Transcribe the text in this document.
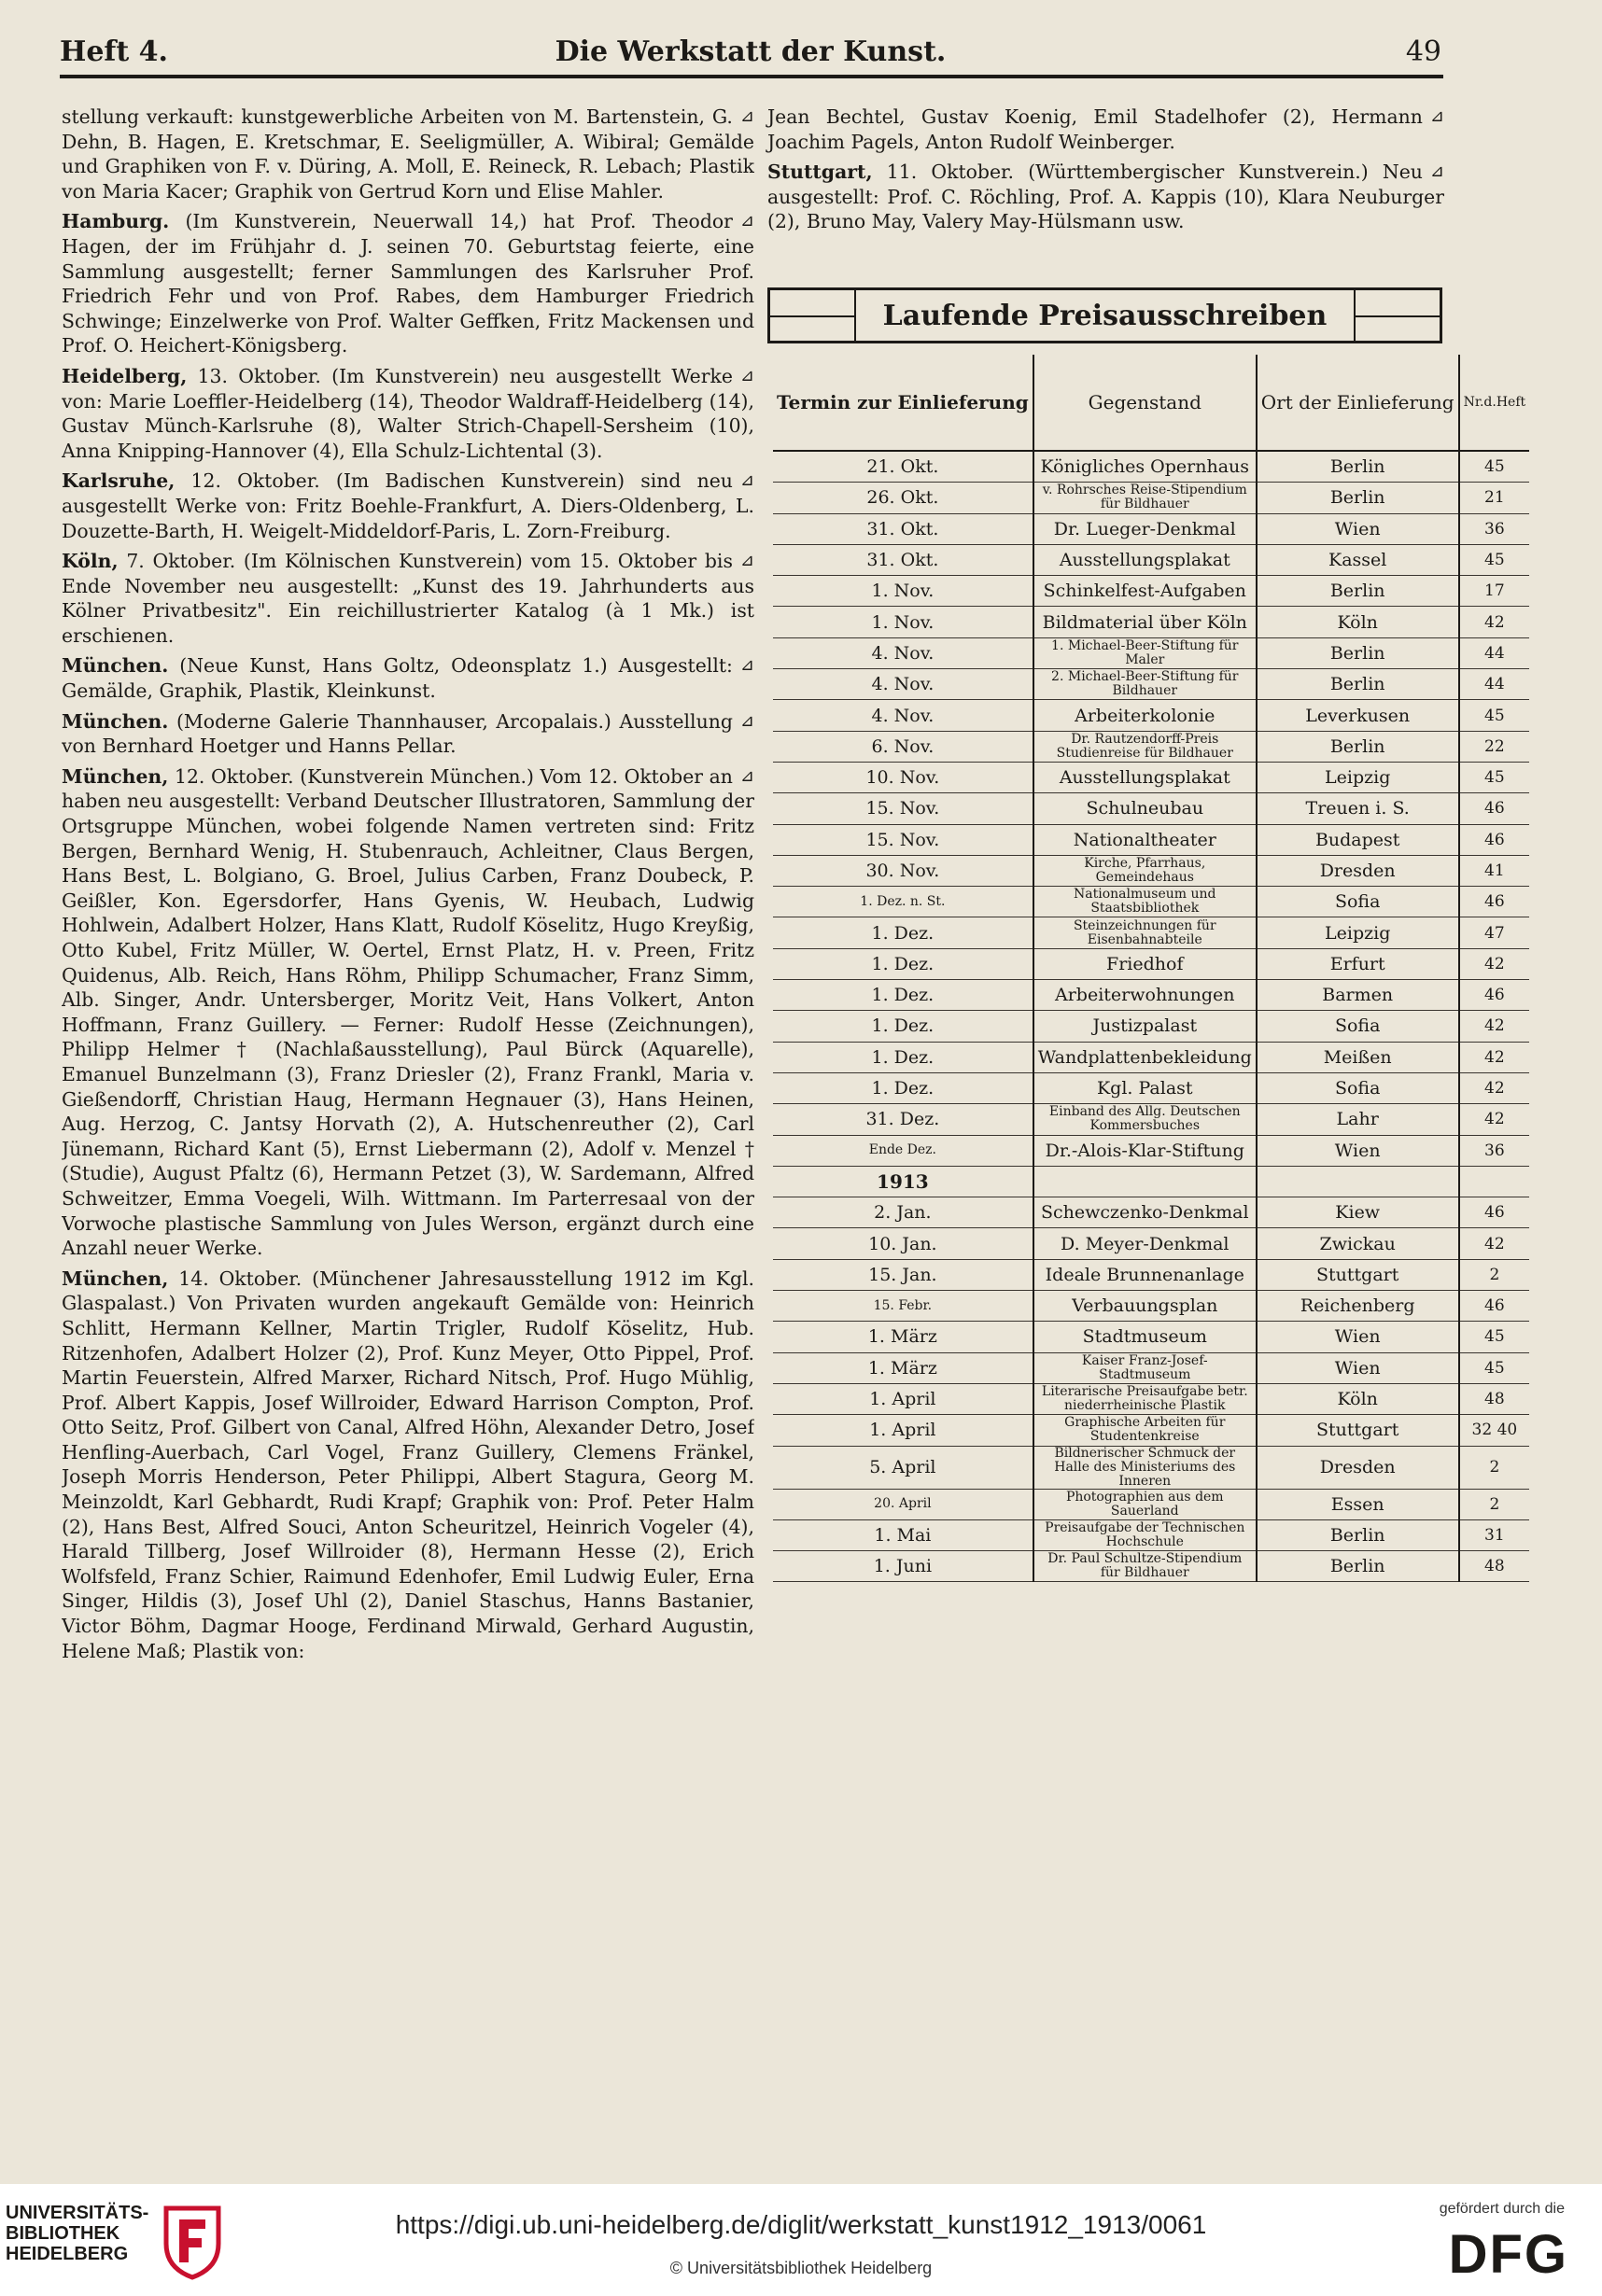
Heft 4.	Die Werkstatt der Kunst.	49

⊿
stellung verkauft: kunstgewerbliche Arbeiten von M. Bartenstein, G. Dehn, B. Hagen, E. Kretschmar, E. Seeligmüller, A. Wibiral; Gemälde und Graphiken von F. v. Düring, A. Moll, E. Reineck, R. Lebach; Plastik von Maria Kacer; Graphik von Gertrud Korn und Elise Mahler.

⊿
Hamburg. (Im Kunstverein, Neuerwall 14,) hat Prof. Theodor Hagen, der im Frühjahr d. J. seinen 70. Geburtstag feierte, eine Sammlung ausgestellt; ferner Sammlungen des Karlsruher Prof. Friedrich Fehr und von Prof. Rabes, dem Hamburger Friedrich Schwinge; Einzelwerke von Prof. Walter Geffken, Fritz Mackensen und Prof. O. Heichert-Königsberg.

⊿
Heidelberg, 13. Oktober. (Im Kunstverein) neu ausgestellt Werke von: Marie Loeffler-Heidelberg (14), Theodor Waldraff-Heidelberg (14), Gustav Münch-Karlsruhe (8), Walter Strich-Chapell-Sersheim (10), Anna Knipping-Hannover (4), Ella Schulz-Lichtental (3).

⊿
Karlsruhe, 12. Oktober. (Im Badischen Kunstverein) sind neu ausgestellt Werke von: Fritz Boehle-Frankfurt, A. Diers-Oldenberg, L. Douzette-Barth, H. Weigelt-Middeldorf-Paris, L. Zorn-Freiburg.

⊿
Köln, 7. Oktober. (Im Kölnischen Kunstverein) vom 15. Oktober bis Ende November neu ausgestellt: „Kunst des 19. Jahrhunderts aus Kölner Privatbesitz". Ein reichillustrierter Katalog (à 1 Mk.) ist erschienen.

⊿
München. (Neue Kunst, Hans Goltz, Odeonsplatz 1.) Ausgestellt: Gemälde, Graphik, Plastik, Kleinkunst.

⊿
München. (Moderne Galerie Thannhauser, Arcopalais.) Ausstellung von Bernhard Hoetger und Hanns Pellar.

⊿
München, 12. Oktober. (Kunstverein München.) Vom 12. Oktober an haben neu ausgestellt: Verband Deutscher Illustratoren, Sammlung der Ortsgruppe München, wobei folgende Namen vertreten sind: Fritz Bergen, Bernhard Wenig, H. Stubenrauch, Achleitner, Claus Bergen, Hans Best, L. Bolgiano, G. Broel, Julius Carben, Franz Doubeck, P. Geißler, Kon. Egersdorfer, Hans Gyenis, W. Heubach, Ludwig Hohlwein, Adalbert Holzer, Hans Klatt, Rudolf Köselitz, Hugo Kreyßig, Otto Kubel, Fritz Müller, W. Oertel, Ernst Platz, H. v. Preen, Fritz Quidenus, Alb. Reich, Hans Röhm, Philipp Schumacher, Franz Simm, Alb. Singer, Andr. Untersberger, Moritz Veit, Hans Volkert, Anton Hoffmann, Franz Guillery. — Ferner: Rudolf Hesse (Zeichnungen), Philipp Helmer † (Nachlaßausstellung), Paul Bürck (Aquarelle), Emanuel Bunzelmann (3), Franz Driesler (2), Franz Frankl, Maria v. Gießendorff, Christian Haug, Hermann Hegnauer (3), Hans Heinen, Aug. Herzog, C. Jantsy Horvath (2), A. Hutschenreuther (2), Carl Jünemann, Richard Kant (5), Ernst Liebermann (2), Adolf v. Menzel † (Studie), August Pfaltz (6), Hermann Petzet (3), W. Sardemann, Alfred Schweitzer, Emma Voegeli, Wilh. Wittmann. Im Parterresaal von der Vorwoche plastische Sammlung von Jules Werson, ergänzt durch eine Anzahl neuer Werke.

München, 14. Oktober. (Münchener Jahresausstellung 1912 im Kgl. Glaspalast.) Von Privaten wurden angekauft Gemälde von: Heinrich Schlitt, Hermann Kellner, Martin Trigler, Rudolf Köselitz, Hub. Ritzenhofen, Adalbert Holzer (2), Prof. Kunz Meyer, Otto Pippel, Prof. Martin Feuerstein, Alfred Marxer, Richard Nitsch, Prof. Hugo Mühlig, Prof. Albert Kappis, Josef Willroider, Edward Harrison Compton, Prof. Otto Seitz, Prof. Gilbert von Canal, Alfred Höhn, Alexander Detro, Josef Henfling-Auerbach, Carl Vogel, Franz Guillery, Clemens Fränkel, Joseph Morris Henderson, Peter Philippi, Albert Stagura, Georg M. Meinzoldt, Karl Gebhardt, Rudi Krapf; Graphik von: Prof. Peter Halm (2), Hans Best, Alfred Souci, Anton Scheuritzel, Heinrich Vogeler (4), Harald Tillberg, Josef Willroider (8), Hermann Hesse (2), Erich Wolfsfeld, Franz Schier, Raimund Edenhofer, Emil Ludwig Euler, Erna Singer, Hildis (3), Josef Uhl (2), Daniel Staschus, Hanns Bastanier, Victor Böhm, Dagmar Hooge, Ferdinand Mirwald, Gerhard Augustin, Helene Maß; Plastik von:

⊿
Jean Bechtel, Gustav Koenig, Emil Stadelhofer (2), Hermann Joachim Pagels, Anton Rudolf Weinberger.

⊿
Stuttgart, 11. Oktober. (Württembergischer Kunstverein.) Neu ausgestellt: Prof. C. Röchling, Prof. A. Kappis (10), Klara Neuburger (2), Bruno May, Valery May-Hülsmann usw.

Laufende Preisausschreiben
Termin zur Einlieferung	Gegenstand	Ort der Einlieferung	Nr.d.Heft
21. Okt.	Königliches Opernhaus	Berlin	45
26. Okt.	v. Rohrsches Reise-Stipendium für Bildhauer	Berlin	21
31. Okt.	Dr. Lueger-Denkmal	Wien	36
31. Okt.	Ausstellungsplakat	Kassel	45
1. Nov.	Schinkelfest-Aufgaben	Berlin	17
1. Nov.	Bildmaterial über Köln	Köln	42
4. Nov.	1. Michael-Beer-Stiftung für Maler	Berlin	44
4. Nov.	2. Michael-Beer-Stiftung für Bildhauer	Berlin	44
4. Nov.	Arbeiterkolonie	Leverkusen	45
6. Nov.	Dr. Rautzendorff-Preis Studienreise für Bildhauer	Berlin	22
10. Nov.	Ausstellungsplakat	Leipzig	45
15. Nov.	Schulneubau	Treuen i. S.	46
15. Nov.	Nationaltheater	Budapest	46
30. Nov.	Kirche, Pfarrhaus, Gemeindehaus	Dresden	41
1. Dez. n. St.	Nationalmuseum und Staatsbibliothek	Sofia	46
1. Dez.	Steinzeichnungen für Eisenbahnabteile	Leipzig	47
1. Dez.	Friedhof	Erfurt	42
1. Dez.	Arbeiterwohnungen	Barmen	46
1. Dez.	Justizpalast	Sofia	42
1. Dez.	Wandplattenbekleidung	Meißen	42
1. Dez.	Kgl. Palast	Sofia	42
31. Dez.	Einband des Allg. Deutschen Kommersbuches	Lahr	42
Ende Dez.	Dr.-Alois-Klar-Stiftung	Wien	36
1913			
2. Jan.	Schewczenko-Denkmal	Kiew	46
10. Jan.	D. Meyer-Denkmal	Zwickau	42
15. Jan.	Ideale Brunnenanlage	Stuttgart	2
15. Febr.	Verbauungsplan	Reichenberg	46
1. März	Stadtmuseum	Wien	45
1. März	Kaiser Franz-Josef-Stadtmuseum	Wien	45
1. April	Literarische Preisaufgabe betr. niederrheinische Plastik	Köln	48
1. April	Graphische Arbeiten für Studentenkreise	Stuttgart	32 40
5. April	Bildnerischer Schmuck der Halle des Ministeriums des Inneren	Dresden	2
20. April	Photographien aus dem Sauerland	Essen	2
1. Mai	Preisaufgabe der Technischen Hochschule	Berlin	31
1. Juni	Dr. Paul Schultze-Stipendium für Bildhauer	Berlin	48
UNIVERSITÄTS-
BIBLIOTHEK
HEIDELBERG
https://digi.ub.uni-heidelberg.de/diglit/werkstatt_kunst1912_1913/0061
© Universitätsbibliothek Heidelberg
gefördert durch die
DFG
